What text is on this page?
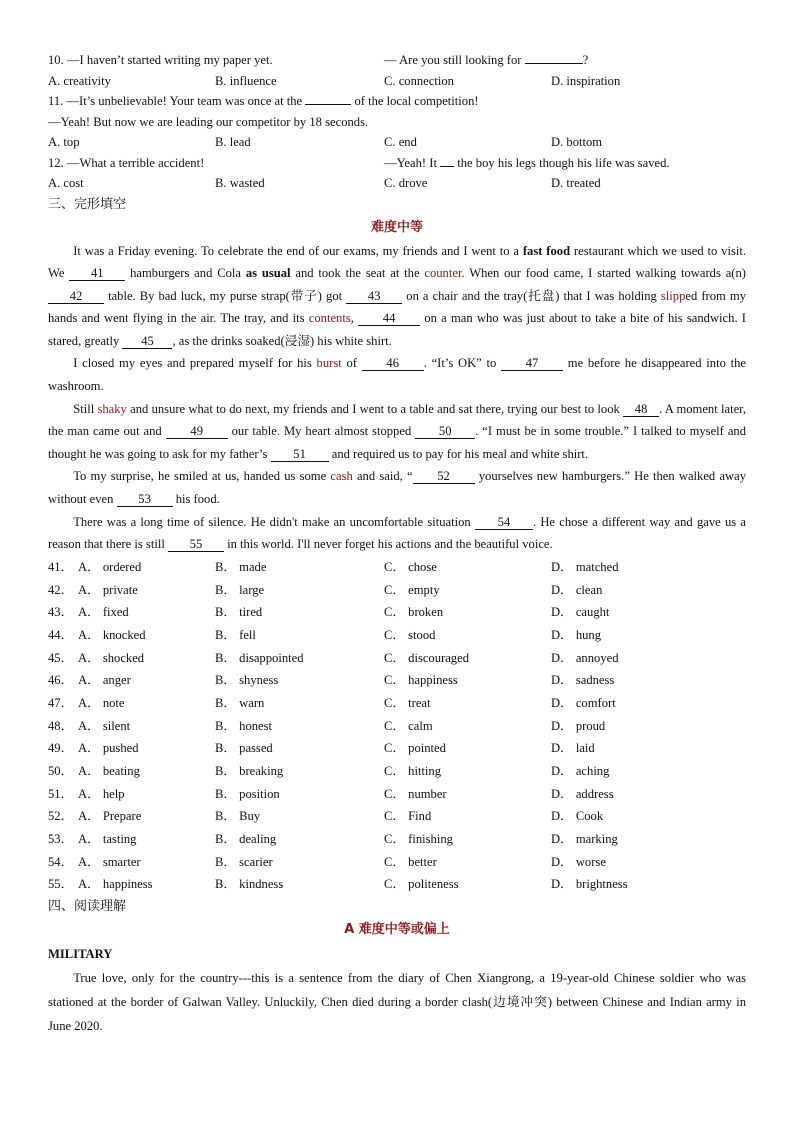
10. —I haven’t started writing my paper yet.	— Are you still looking for	?
A. creativity	B. influence	C. connection	D. inspiration
11. —It’s unbelievable! Your team was once at the	of the local competition!
—Yeah! But now we are leading our competitor by 18 seconds.
A. top	B. lead	C. end	D. bottom
12. —What a terrible accident!	—Yeah! It  the boy his legs though his life was saved.
A. cost	B. wasted	C. drove	D. treated
三、完形填空
难度中等

It was a Friday evening. To celebrate the end of our exams, my friends and I went to a fast food restaurant which we used to visit. We 41 hamburgers and Cola as usual and took the seat at the counter. When our food came, I started walking towards a(n) 42 table. By bad luck, my purse strap(带子) got 43 on a chair and the tray(托盘) that I was holding slipped from my hands and went flying in the air. The tray, and its contents, 44 on a man who was just about to take a bite of his sandwich. I stared, greatly 45 , as the drinks soaked(浸湿) his white shirt.

I closed my eyes and prepared myself for his burst of 46 . “It’s OK” to 47 me before he disappeared into the washroom.

Still shaky and unsure what to do next, my friends and I went to a table and sat there, trying our best to look 48 . A moment later, the man came out and 49 our table. My heart almost stopped 50 . “I must be in some trouble.” I talked to myself and thought he was going to ask for my father’s 51 and required us to pay for his meal and white shirt.

To my surprise, he smiled at us, handed us some cash and said, “ 52 yourselves new hamburgers.” He then walked away without even 53 his food.

There was a long time of silence. He didn't make an uncomfortable situation 54 . He chose a different way and gave us a reason that there is still 55 in this world. I'll never forget his actions and the beautiful voice.

41． A． ordered	B． made	C． chose	D． matched
42． A． private	B． large	C． empty	D． clean
43． A． fixed	B． tired	C． broken	D． caught
44． A． knocked	B． fell	C． stood	D． hung
45． A． shocked	B． disappointed	C． discouraged	D． annoyed
46． A． anger	B． shyness	C． happiness	D． sadness
47． A． note	B． warn	C． treat	D． comfort
48． A． silent	B． honest	C． calm	D． proud
49． A． pushed	B． passed	C． pointed	D． laid
50． A． beating	B． breaking	C． hitting	D． aching
51． A． help	B． position	C． number	D． address
52． A． Prepare	B． Buy	C． Find	D． Cook
53． A． tasting	B． dealing	C． finishing	D． marking
54． A． smarter	B． scarier	C． better	D． worse
55． A． happiness	B． kindness	C． politeness	D． brightness
四、阅读理解
A 难度中等或偏上
MILITARY

True love, only for the country---this is a sentence from the diary of Chen Xiangrong, a 19-year-old Chinese soldier who was stationed at the border of Galwan Valley. Unluckily, Chen died during a border clash(边境冲突) between Chinese and Indian army in June 2020.
